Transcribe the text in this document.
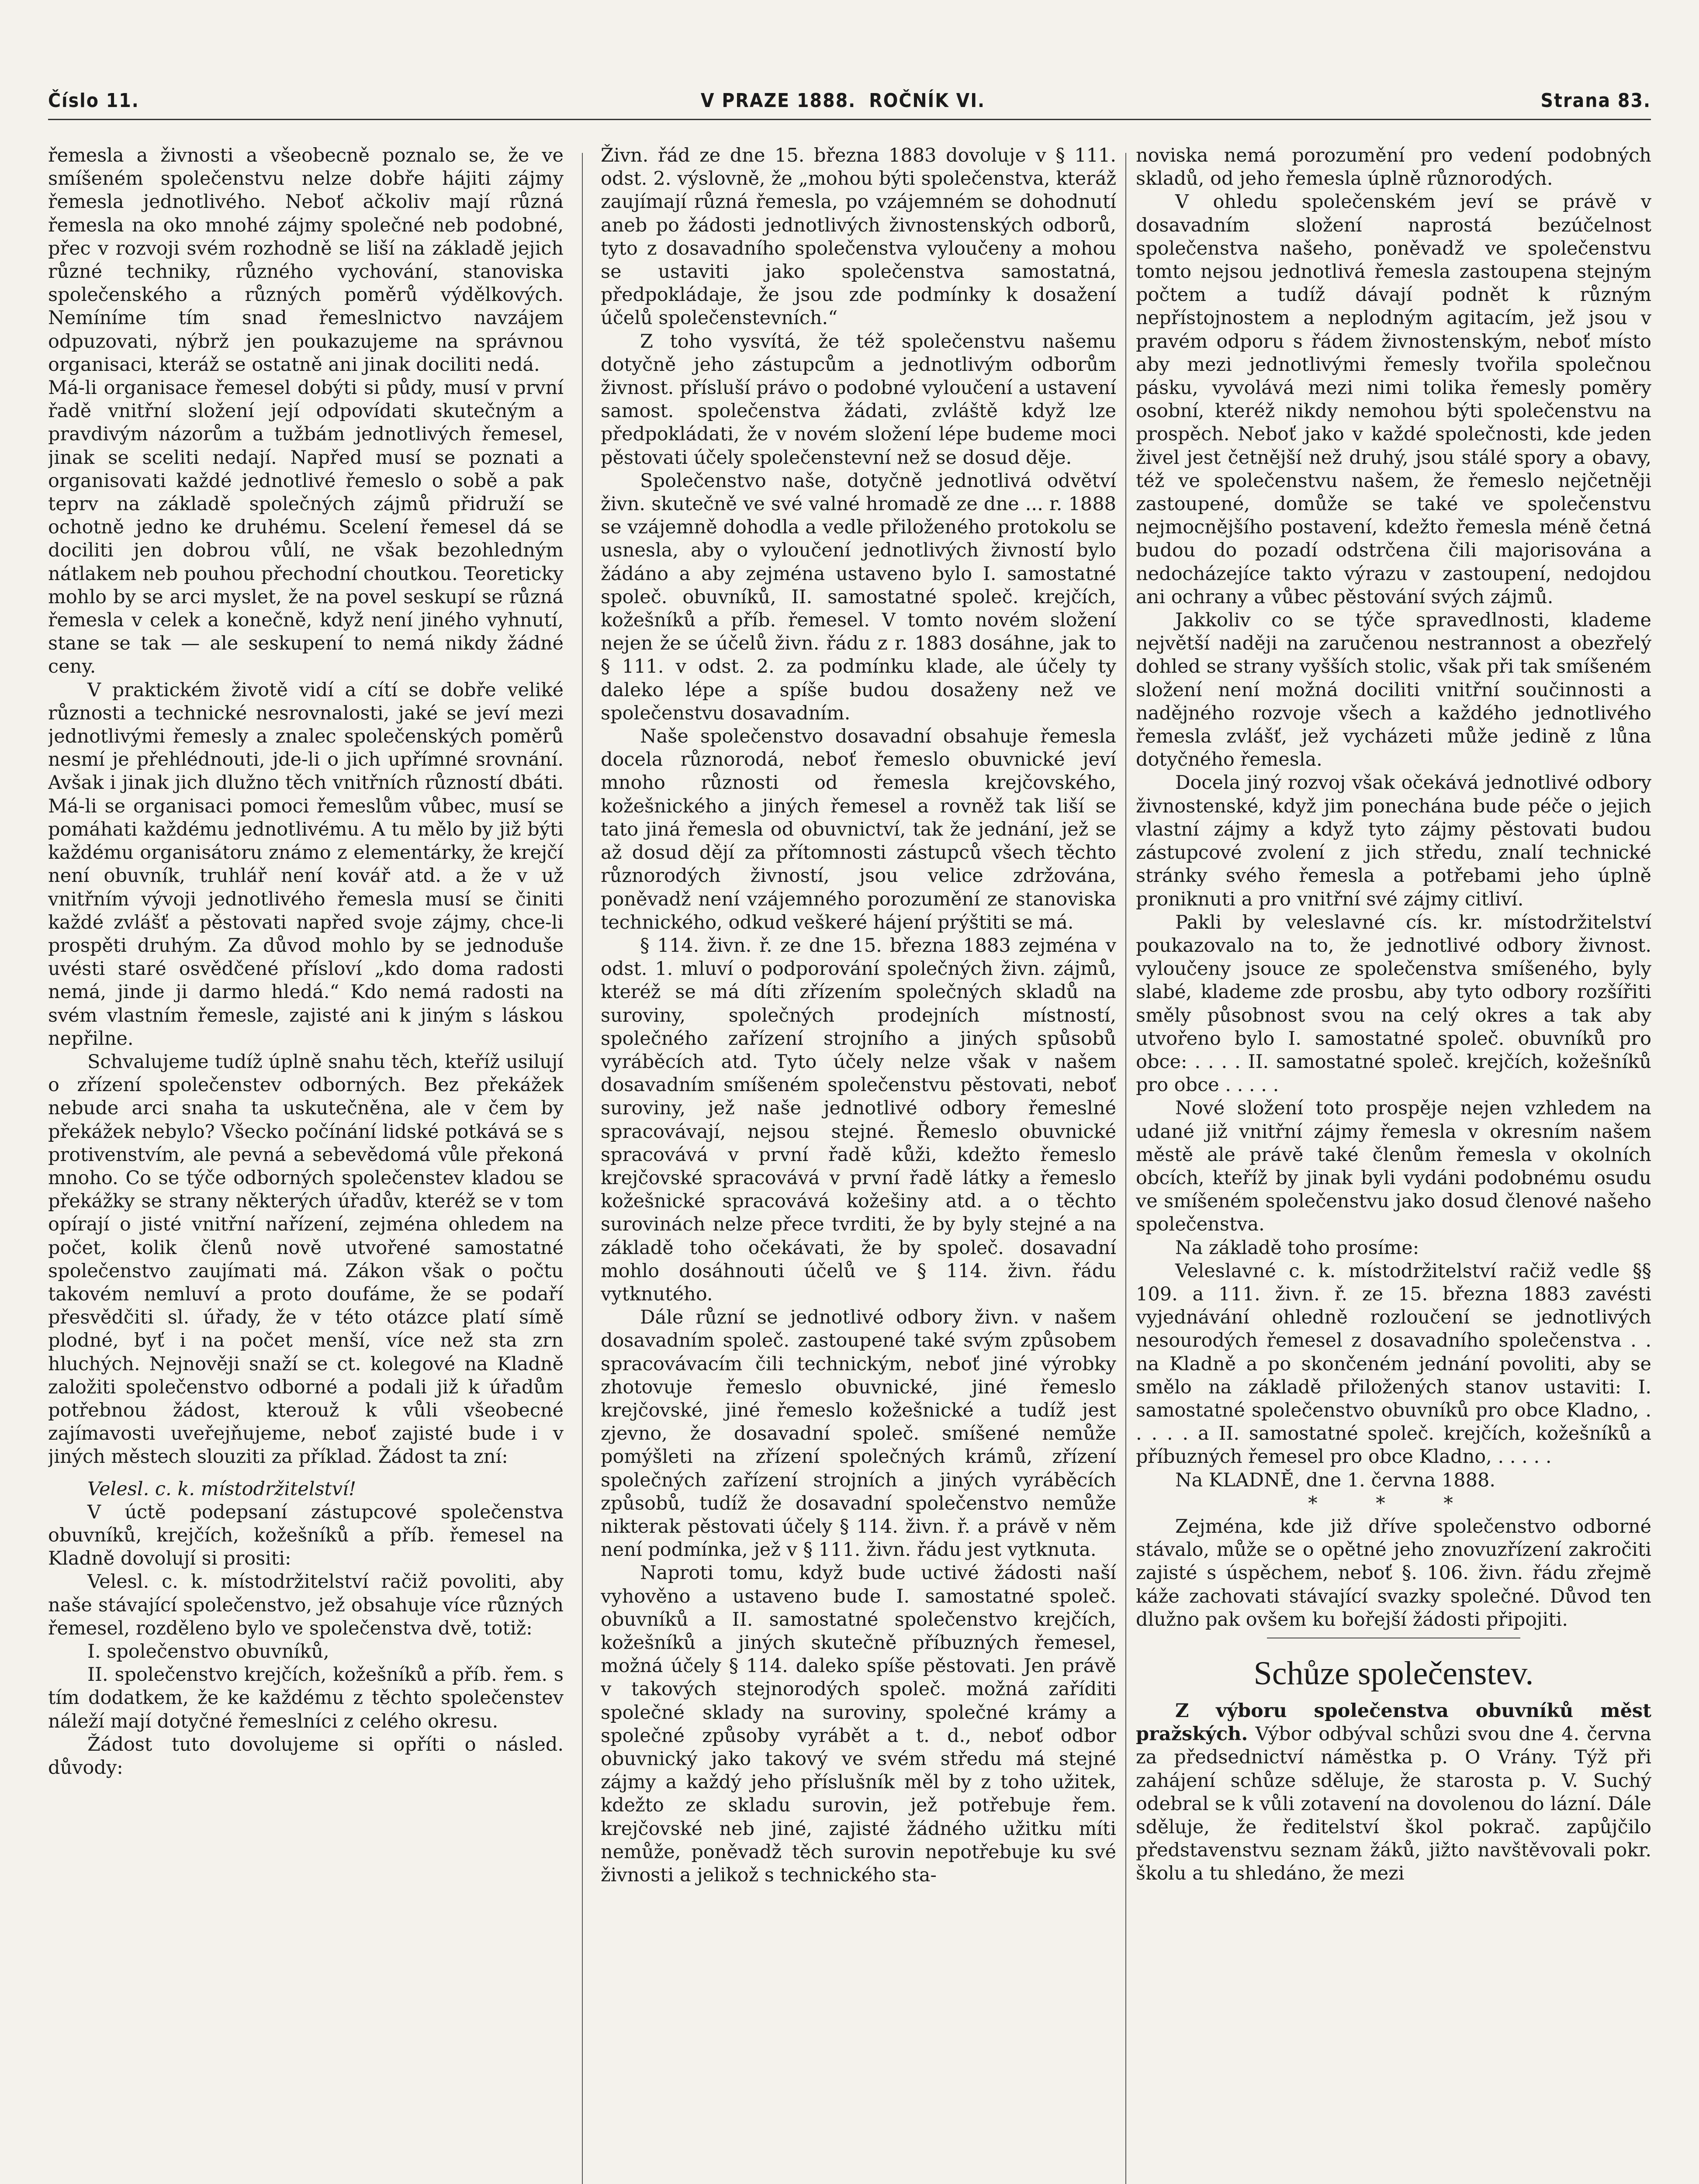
Číslo 11.	V PRAZE 1888. ROČNÍK VI.	Strana 83.

řemesla a živnosti a všeobecně poznalo se, že ve smíšeném společenstvu nelze dobře hájiti zájmy řemesla jednotlivého. Neboť ačkoliv mají různá řemesla na oko mnohé zájmy společné neb podobné, přec v rozvoji svém rozhodně se liší na základě jejich různé techniky, různého vychování, stanoviska společenského a různých poměrů výdělkových. Nemíníme tím snad řemeslnictvo navzájem odpuzovati, nýbrž jen poukazujeme na správnou organisaci, kteráž se ostatně ani jinak dociliti nedá.

Má-li organisace řemesel dobýti si půdy, musí v první řadě vnitřní složení její odpovídati skutečným a pravdivým názorům a tužbám jednotlivých řemesel, jinak se sceliti nedají. Napřed musí se poznati a organisovati každé jednotlivé řemeslo o sobě a pak teprv na základě společných zájmů přidruží se ochotně jedno ke druhému. Scelení řemesel dá se dociliti jen dobrou vůlí, ne však bezohledným nátlakem neb pouhou přechodní choutkou. Teoreticky mohlo by se arci myslet, že na povel seskupí se různá řemesla v celek a konečně, když není jiného vyhnutí, stane se tak — ale seskupení to nemá nikdy žádné ceny.

V praktickém životě vidí a cítí se dobře veliké různosti a technické nesrovnalosti, jaké se jeví mezi jednotlivými řemesly a znalec společenských poměrů nesmí je přehlédnouti, jde-li o jich upřímné srovnání. Avšak i jinak jich dlužno těch vnitřních růzností dbáti. Má-li se organisaci pomoci řemeslům vůbec, musí se pomáhati každému jednotlivému. A tu mělo by již býti každému organisátoru známo z elementárky, že krejčí není obuvník, truhlář není kovář atd. a že v už vnitřním vývoji jednotlivého řemesla musí se činiti každé zvlášť a pěstovati napřed svoje zájmy, chce-li prospěti druhým. Za důvod mohlo by se jednoduše uvésti staré osvědčené přísloví „kdo doma radosti nemá, jinde ji darmo hledá.“ Kdo nemá radosti na svém vlastním řemesle, zajisté ani k jiným s láskou nepřilne.

Schvalujeme tudíž úplně snahu těch, kteříž usilují o zřízení společenstev odborných. Bez překážek nebude arci snaha ta uskutečněna, ale v čem by překážek nebylo? Všecko počínání lidské potkává se s protivenstvím, ale pevná a sebevědomá vůle překoná mnoho. Co se týče odborných společenstev kladou se překážky se strany některých úřadův, kteréž se v tom opírají o jisté vnitřní nařízení, zejména ohledem na počet, kolik členů nově utvořené samostatné společenstvo zaujímati má. Zákon však o počtu takovém nemluví a proto doufáme, že se podaří přesvědčiti sl. úřady, že v této otázce platí símě plodné, byť i na počet menší, více než sta zrn hluchých. Nejnověji snaží se ct. kolegové na Kladně založiti společenstvo odborné a podali již k úřadům potřebnou žádost, kterouž k vůli všeobecné zajímavosti uveřejňujeme, neboť zajisté bude i v jiných městech slouziti za příklad. Žádost ta zní:

Velesl. c. k. místodržitelství!

V úctě podepsaní zástupcové společenstva obuvníků, krejčích, kožešníků a příb. řemesel na Kladně dovolují si prositi:

Velesl. c. k. místodržitelství račiž povoliti, aby naše stávající společenstvo, jež obsahuje více různých řemesel, rozděleno bylo ve společenstva dvě, totiž:

I. společenstvo obuvníků,

II. společenstvo krejčích, kožešníků a příb. řem. s tím dodatkem, že ke každému z těchto společenstev náleží mají dotyčné řemeslníci z celého okresu.

Žádost tuto dovolujeme si opříti o násled. důvody:

Živn. řád ze dne 15. března 1883 dovoluje v § 111. odst. 2. výslovně, že „mohou býti společenstva, kteráž zaujímají různá řemesla, po vzájemném se dohodnutí aneb po žádosti jednotlivých živnostenských odborů, tyto z dosavadního společenstva vyloučeny a mohou se ustaviti jako společenstva samostatná, předpokládaje, že jsou zde podmínky k dosažení účelů společenstevních.“

Z toho vysvítá, že též společenstvu našemu dotyčně jeho zástupcům a jednotlivým odborům živnost. přísluší právo o podobné vyloučení a ustavení samost. společenstva žádati, zvláště když lze předpokládati, že v novém složení lépe budeme moci pěstovati účely společenstevní než se dosud děje.

Společenstvo naše, dotyčně jednotlivá odvětví živn. skutečně ve své valné hromadě ze dne ... r. 1888 se vzájemně dohodla a vedle přiloženého protokolu se usnesla, aby o vyloučení jednotlivých živností bylo žádáno a aby zejména ustaveno bylo I. samostatné společ. obuvníků, II. samostatné společ. krejčích, kožešníků a příb. řemesel. V tomto novém složení nejen že se účelů živn. řádu z r. 1883 dosáhne, jak to § 111. v odst. 2. za podmínku klade, ale účely ty daleko lépe a spíše budou dosaženy než ve společenstvu dosavadním.

Naše společenstvo dosavadní obsahuje řemesla docela různorodá, neboť řemeslo obuvnické jeví mnoho různosti od řemesla krejčovského, kožešnického a jiných řemesel a rovněž tak liší se tato jiná řemesla od obuvnictví, tak že jednání, jež se až dosud dějí za přítomnosti zástupců všech těchto různorodých živností, jsou velice zdržována, poněvadž není vzájemného porozumění ze stanoviska technického, odkud veškeré hájení prýštiti se má.

§ 114. živn. ř. ze dne 15. března 1883 zejména v odst. 1. mluví o podporování společných živn. zájmů, kteréž se má díti zřízením společných skladů na suroviny, společných prodejních místností, společného zařízení strojního a jiných spůsobů vyráběcích atd. Tyto účely nelze však v našem dosavadním smíšeném společenstvu pěstovati, neboť suroviny, jež naše jednotlivé odbory řemeslné spracovávají, nejsou stejné. Řemeslo obuvnické spracovává v první řadě kůži, kdežto řemeslo krejčovské spracovává v první řadě látky a řemeslo kožešnické spracovává kožešiny atd. a o těchto surovinách nelze přece tvrditi, že by byly stejné a na základě toho očekávati, že by společ. dosavadní mohlo dosáhnouti účelů ve § 114. živn. řádu vytknutého.

Dále různí se jednotlivé odbory živn. v našem dosavadním společ. zastoupené také svým způsobem spracovávacím čili technickým, neboť jiné výrobky zhotovuje řemeslo obuvnické, jiné řemeslo krejčovské, jiné řemeslo kožešnické a tudíž jest zjevno, že dosavadní společ. smíšené nemůže pomýšleti na zřízení společných krámů, zřízení společných zařízení strojních a jiných vyráběcích způsobů, tudíž že dosavadní společenstvo nemůže nikterak pěstovati účely § 114. živn. ř. a právě v něm není podmínka, jež v § 111. živn. řádu jest vytknuta.

Naproti tomu, když bude uctivé žádosti naší vyhověno a ustaveno bude I. samostatné společ. obuvníků a II. samostatné společenstvo krejčích, kožešníků a jiných skutečně příbuzných řemesel, možná účely § 114. daleko spíše pěstovati. Jen právě v takových stejnorodých společ. možná zaříditi společné sklady na suroviny, společné krámy a společné způsoby vyrábět a t. d., neboť odbor obuvnický jako takový ve svém středu má stejné zájmy a každý jeho příslušník měl by z toho užitek, kdežto ze skladu surovin, jež potřebuje řem. krejčovské neb jiné, zajisté žádného užitku míti nemůže, poněvadž těch surovin nepotřebuje ku své živnosti a jelikož s technického sta-

noviska nemá porozumění pro vedení podobných skladů, od jeho řemesla úplně různorodých.

V ohledu společenském jeví se právě v dosavadním složení naprostá bezúčelnost společenstva našeho, poněvadž ve společenstvu tomto nejsou jednotlivá řemesla zastoupena stejným počtem a tudíž dávají podnět k různým nepřístojnostem a neplodným agitacím, jež jsou v pravém odporu s řádem živnostenským, neboť místo aby mezi jednotlivými řemesly tvořila společnou pásku, vyvolává mezi nimi tolika řemesly poměry osobní, kteréž nikdy nemohou býti společenstvu na prospěch. Neboť jako v každé společnosti, kde jeden živel jest četnější než druhý, jsou stálé spory a obavy, též ve společenstvu našem, že řemeslo nejčetněji zastoupené, domůže se také ve společenstvu nejmocnějšího postavení, kdežto řemesla méně četná budou do pozadí odstrčena čili majorisována a nedocházejíce takto výrazu v zastoupení, nedojdou ani ochrany a vůbec pěstování svých zájmů.

Jakkoliv co se týče spravedlnosti, klademe největší naději na zaručenou nestrannost a obezřelý dohled se strany vyšších stolic, však při tak smíšeném složení není možná dociliti vnitřní součinnosti a nadějného rozvoje všech a každého jednotlivého řemesla zvlášť, jež vycházeti může jedině z lůna dotyčného řemesla.

Docela jiný rozvoj však očekává jednotlivé odbory živnostenské, když jim ponechána bude péče o jejich vlastní zájmy a když tyto zájmy pěstovati budou zástupcové zvolení z jich středu, znalí technické stránky svého řemesla a potřebami jeho úplně proniknuti a pro vnitřní své zájmy citliví.

Pakli by veleslavné cís. kr. místodržitelství poukazovalo na to, že jednotlivé odbory živnost. vyloučeny jsouce ze společenstva smíšeného, byly slabé, klademe zde prosbu, aby tyto odbory rozšířiti směly působnost svou na celý okres a tak aby utvořeno bylo I. samostatné společ. obuvníků pro obce: . . . . II. samostatné společ. krejčích, kožešníků pro obce . . . . .

Nové složení toto prospěje nejen vzhledem na udané již vnitřní zájmy řemesla v okresním našem městě ale právě také členům řemesla v okolních obcích, kteříž by jinak byli vydáni podobnému osudu ve smíšeném společenstvu jako dosud členové našeho společenstva.

Na základě toho prosíme:

Veleslavné c. k. místodržitelství račiž vedle §§ 109. a 111. živn. ř. ze 15. března 1883 zavésti vyjednávání ohledně rozloučení se jednotlivých nesourodých řemesel z dosavadního společenstva . . na Kladně a po skončeném jednání povoliti, aby se smělo na základě přiložených stanov ustaviti: I. samostatné společenstvo obuvníků pro obce Kladno, . . . . . a II. samostatné společ. krejčích, kožešníků a příbuzných řemesel pro obce Kladno, . . . . .

Na KLADNĚ, dne 1. června 1888.

* * *

Zejména, kde již dříve společenstvo odborné stávalo, může se o opětné jeho znovuzřízení zakročiti zajisté s úspěchem, neboť §. 106. živn. řádu zřejmě káže zachovati stávající svazky společné. Důvod ten dlužno pak ovšem ku bořejší žádosti připojiti.

Schůze společenstev.

Z výboru společenstva obuvníků měst pražských. Výbor odbýval schůzi svou dne 4. června za předsednictví náměstka p. O Vrány. Týž při zahájení schůze sděluje, že starosta p. V. Suchý odebral se k vůli zotavení na dovolenou do lázní. Dále sděluje, že ředitelství škol pokrač. zapůjčilo představenstvu seznam žáků, jižto navštěvovali pokr. školu a tu shledáno, že mezi
